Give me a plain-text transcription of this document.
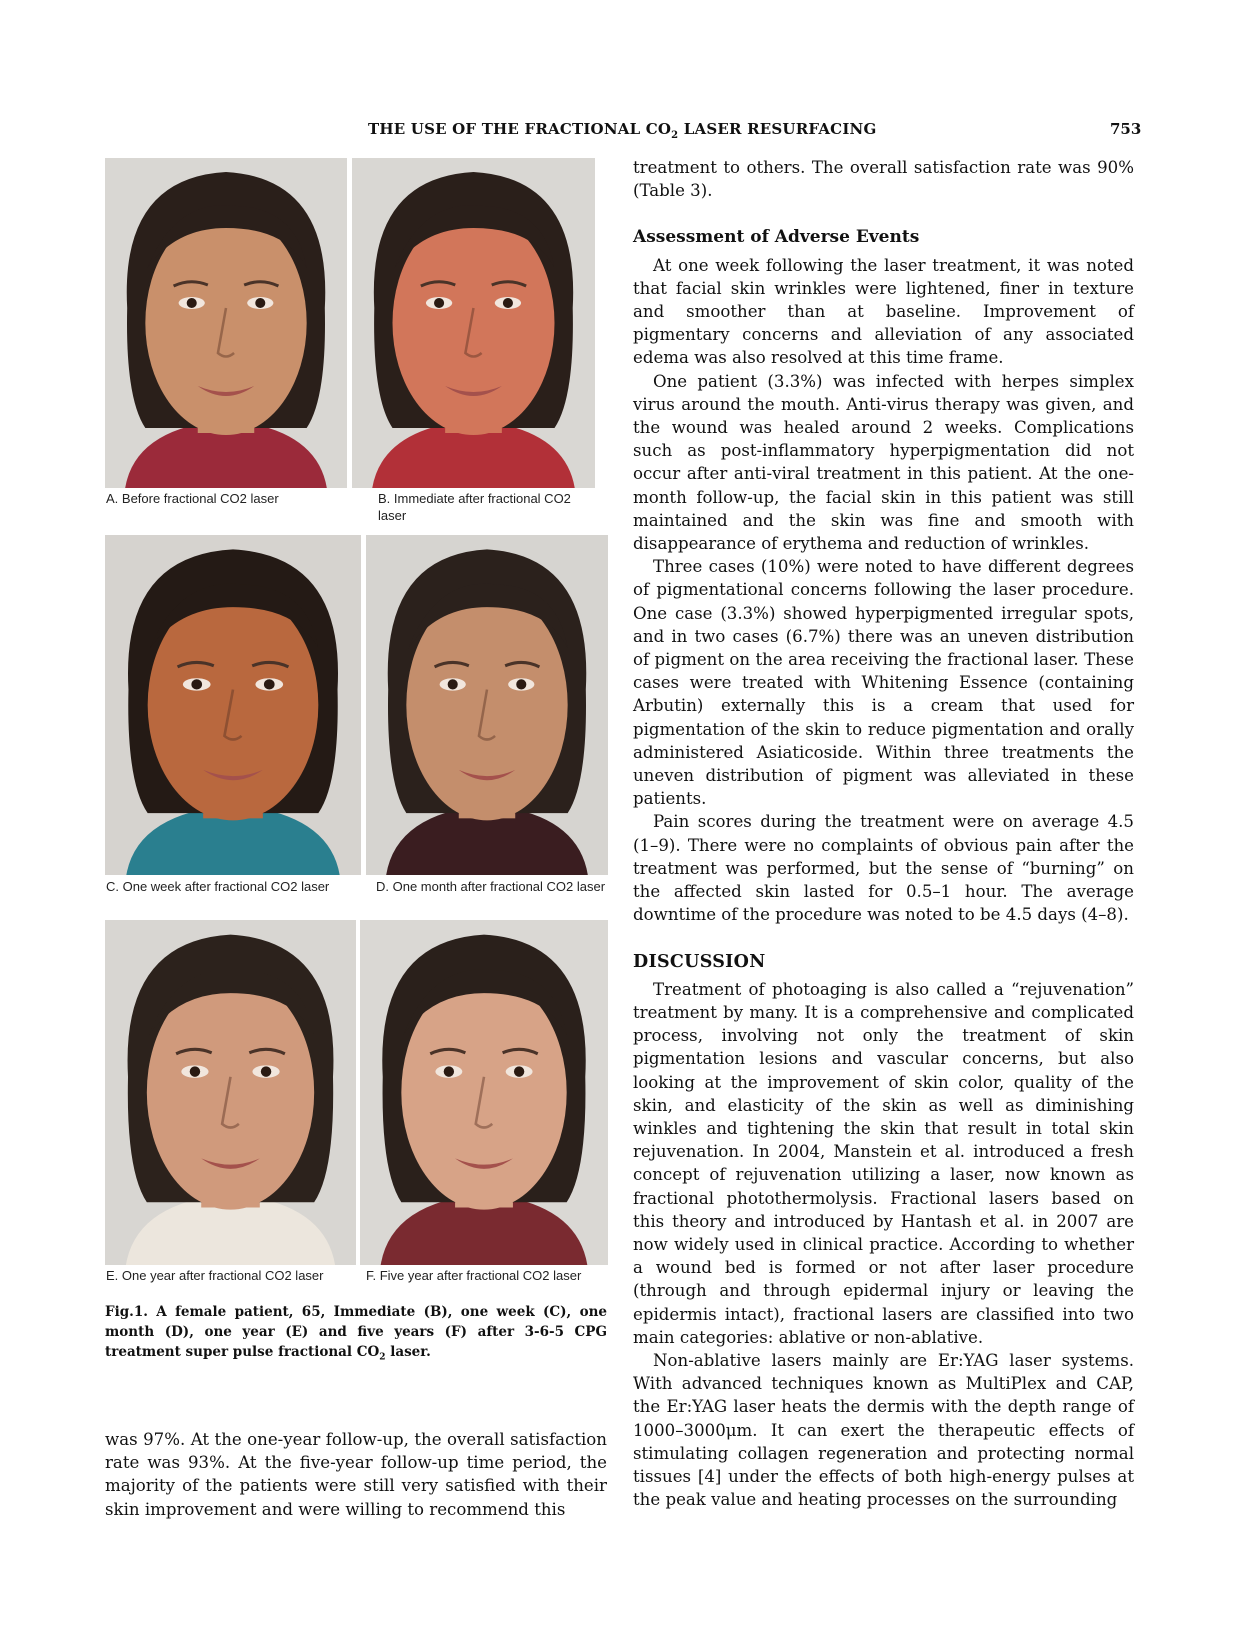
THE USE OF THE FRACTIONAL $CO_2$ LASER RESURFACING	753
A. Before fractional CO2 laser	B. Immediate after fractional CO2 laser
C. One week after fractional CO2 laser	D. One month after fractional CO2 laser
E. One year after fractional CO2 laser	F. Five year after fractional CO2 laser
Fig.1. A female patient, 65, Immediate (B), one week (C), one month (D), one year (E) and five years (F) after 3-6-5 CPG treatment super pulse fractional $CO_2$ laser.

was 97%. At the one-year follow-up, the overall satisfaction rate was 93%. At the five-year follow-up time period, the majority of the patients were still very satisfied with their skin improvement and were willing to recommend this

treatment to others. The overall satisfaction rate was 90% (Table 3).

Assessment of Adverse Events

At one week following the laser treatment, it was noted that facial skin wrinkles were lightened, finer in texture and smoother than at baseline. Improvement of pigmentary concerns and alleviation of any associated edema was also resolved at this time frame.

One patient (3.3%) was infected with herpes simplex virus around the mouth. Anti-virus therapy was given, and the wound was healed around 2 weeks. Complications such as post-inflammatory hyperpigmentation did not occur after anti-viral treatment in this patient. At the one-month follow-up, the facial skin in this patient was still maintained and the skin was fine and smooth with disappearance of erythema and reduction of wrinkles.

Three cases (10%) were noted to have different degrees of pigmentational concerns following the laser procedure. One case (3.3%) showed hyperpigmented irregular spots, and in two cases (6.7%) there was an uneven distribution of pigment on the area receiving the fractional laser. These cases were treated with Whitening Essence (containing Arbutin) externally this is a cream that used for pigmentation of the skin to reduce pigmentation and orally administered Asiaticoside. Within three treatments the uneven distribution of pigment was alleviated in these patients.

Pain scores during the treatment were on average 4.5 (1–9). There were no complaints of obvious pain after the treatment was performed, but the sense of “burning” on the affected skin lasted for 0.5–1 hour. The average downtime of the procedure was noted to be 4.5 days (4–8).

DISCUSSION

Treatment of photoaging is also called a “rejuvenation” treatment by many. It is a comprehensive and complicated process, involving not only the treatment of skin pigmentation lesions and vascular concerns, but also looking at the improvement of skin color, quality of the skin, and elasticity of the skin as well as diminishing winkles and tightening the skin that result in total skin rejuvenation. In 2004, Manstein et al. introduced a fresh concept of rejuvenation utilizing a laser, now known as fractional photothermolysis. Fractional lasers based on this theory and introduced by Hantash et al. in 2007 are now widely used in clinical practice. According to whether a wound bed is formed or not after laser procedure (through and through epidermal injury or leaving the epidermis intact), fractional lasers are classified into two main categories: ablative or non-ablative.

Non-ablative lasers mainly are Er:YAG laser systems. With advanced techniques known as MultiPlex and CAP, the Er:YAG laser heats the dermis with the depth range of 1000–3000μm. It can exert the therapeutic effects of stimulating collagen regeneration and protecting normal tissues [4] under the effects of both high-energy pulses at the peak value and heating processes on the surrounding
